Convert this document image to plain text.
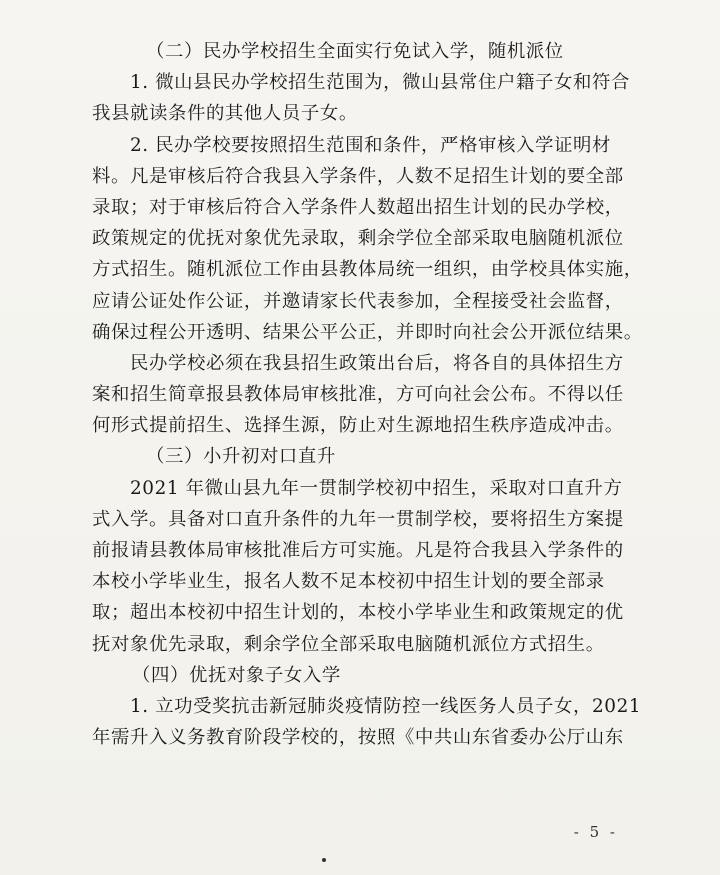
（二）民办学校招生全面实行免试入学，随机派位
1. 微山县民办学校招生范围为，微山县常住户籍子女和符合
我县就读条件的其他人员子女。
2. 民办学校要按照招生范围和条件，严格审核入学证明材
料。凡是审核后符合我县入学条件，人数不足招生计划的要全部
录取；对于审核后符合入学条件人数超出招生计划的民办学校，
政策规定的优抚对象优先录取，剩余学位全部采取电脑随机派位
方式招生。随机派位工作由县教体局统一组织，由学校具体实施，
应请公证处作公证，并邀请家长代表参加，全程接受社会监督，
确保过程公开透明、结果公平公正，并即时向社会公开派位结果。
民办学校必须在我县招生政策出台后，将各自的具体招生方
案和招生简章报县教体局审核批准，方可向社会公布。不得以任
何形式提前招生、选择生源，防止对生源地招生秩序造成冲击。
（三）小升初对口直升
2021 年微山县九年一贯制学校初中招生，采取对口直升方
式入学。具备对口直升条件的九年一贯制学校，要将招生方案提
前报请县教体局审核批准后方可实施。凡是符合我县入学条件的
本校小学毕业生，报名人数不足本校初中招生计划的要全部录
取；超出本校初中招生计划的，本校小学毕业生和政策规定的优
抚对象优先录取，剩余学位全部采取电脑随机派位方式招生。
（四）优抚对象子女入学
1. 立功受奖抗击新冠肺炎疫情防控一线医务人员子女，2021
年需升入义务教育阶段学校的，按照《中共山东省委办公厅山东
- 5 -
